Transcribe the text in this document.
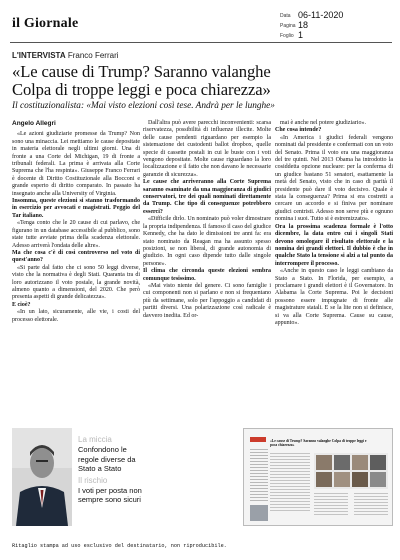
il Giornale	Data 06-11-2020
Pagina 18
Foglio 1
L'INTERVISTA Franco Ferrari
«Le cause di Trump? Saranno valanghe
Colpa di troppe leggi e poca chiarezza»
Il costituzionalista: «Mai visto elezioni così tese. Andrà per le lunghe»
Angelo Allegri

«Le azioni giudiziarie promesse da Trump? Non sono una minaccia. Lei mettiamo le cause depositate in materia elettorale negli ultimi giorni. Una di fronte a una Corte del Michigan, 19 di fronte a tribunali federali. La prima è arrivata alla Corte Suprema che l'ha respinta». Giuseppe Franco Ferrari è docente di Diritto Costituzionale alla Bocconi e grande esperto di diritto comparato. In passato ha insegnato anche alla University of Virginia.

Insomma, queste elezioni si stanno trasformando in esercizio per avvocati e magistrati. Peggio del Tar italiano.

«Tenga conto che le 20 cause di cui parlavo, che figurano in un database accessibile al pubblico, sono state tutte avviate prima della scadenza elettorale. Adesso arriverà l'ondata delle altre».

Ma che cosa c'è di così controverso nel voto di quest'anno?

«Si parte dal fatto che ci sono 50 leggi diverse, visto che la normativa è degli Stati. Quaranta tra di loro autorizzano il voto postale, la grande novità, almeno quanto a dimensioni, del 2020. Che però presenta aspetti di grande delicatezza».

E cioè?

«In un lato, sicuramente, alle vie, i costi del processo elettorale.

Dall'altra può avere parecchi inconvenienti: scarsa riservatezza, possibilità di influenze illecite. Molte delle cause pendenti riguardano per esempio la sistemazione dei custodenti ballot dropbox, quelle specie di cassette postali in cui le buste con i voti vengono depositate. Molte cause riguardano la loro localizzazione e il fatto che non davano le necessarie garanzie di sicurezza».

Le cause che arriveranno alla Corte Suprema saranno esaminate da una maggioranza di giudici conservatori, tre dei quali nominati direttamente da Trump. Che tipo di conseguenze potrebbero esserci?

«Difficile dirlo. Un nominato può voler dimostrare la propria indipendenza. Il famoso il caso del giudice Kennedy, che ha dato le dimissioni tre anni fa: era stato nominato da Reagan ma ha assunto spesso posizioni, se non liberal, di grande autonomia di giudizio. In ogni caso dipende tutto dalle singole persone».

Il clima che circonda queste elezioni sembra comunque tesissimo.

«Mai visto niente del genere. Ci sono famiglie i cui componenti non si parlano e non si frequentano più da settimane, solo per l'appoggio a candidati di partiti diversi. Una polarizzazione così radicale è davvero inedita. Ed or-

mai è anche nel potere giudiziario».

Che cosa intende?

«In America i giudici federali vengono nominati dal presidente e confermati con un voto del Senato. Prima il voto era una maggioranza del tre quinti. Nel 2013 Obama ha introdotto la cosiddetta opzione nucleare: per la conferma di un giudice bastano 51 senatori, esattamente la metà del Senato, visto che in caso di parità il presidente può dare il voto decisivo. Quale è stata la conseguenza? Prima si era costretti a cercare un accordo e si finiva per nominare giudici centristi. Adesso non serve più e ognuno nomina i suoi. Tutto si è estremizzato».

Ora la prossima scadenza formale è l'otto dicembre, la data entro cui i singoli Stati devono omologare il risultato elettorale e la nomina dei grandi elettori. Il dubbio è che in qualche Stato la tensione si alzi a tal punto da interrompere il processo.

«Anche in questo caso le leggi cambiano da Stato a Stato. In Florida, per esempio, a proclamare i grandi elettori è il Governatore. In Alabama la Corte Suprema. Poi le decisioni possono essere impugnate di fronte alle magistrature statali. E se la lite non si definisce, si va alla Corte Suprema. Cause su cause, appunto».

La miccia
Confondono le regole diverse da Stato a Stato
Il rischio
I voti per posta non sempre sono sicuri
«Le cause di Trump? Saranno valanghe Colpa di troppe leggi e poca chiarezza»
Ritaglio stampa ad uso esclusivo del destinatario, non riproducibile.
